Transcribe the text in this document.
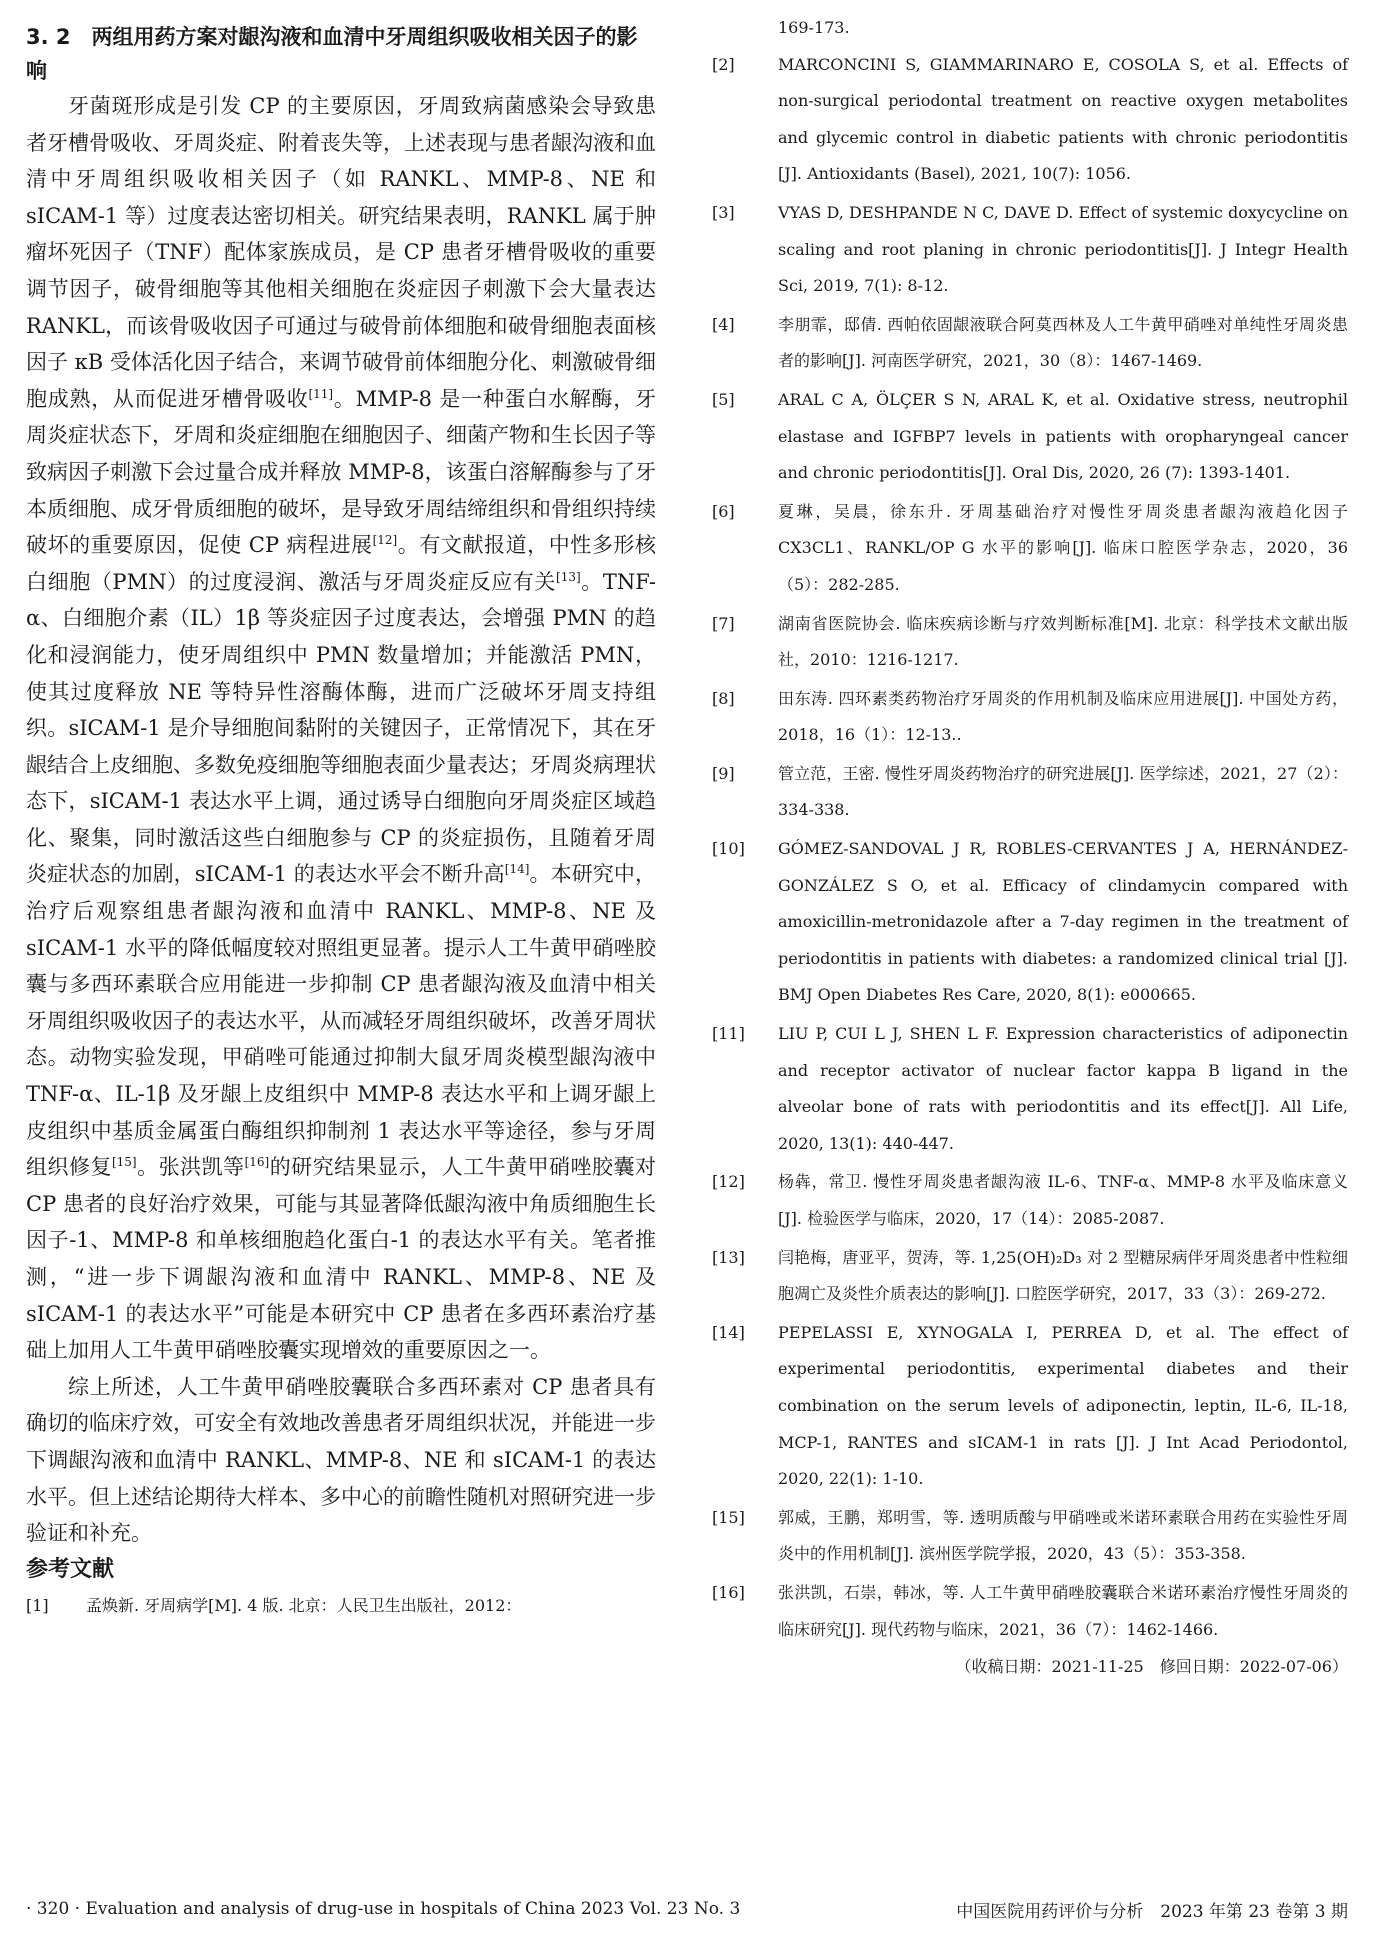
3. 2　两组用药方案对龈沟液和血清中牙周组织吸收相关因子的影响

牙菌斑形成是引发 CP 的主要原因，牙周致病菌感染会导致患者牙槽骨吸收、牙周炎症、附着丧失等，上述表现与患者龈沟液和血清中牙周组织吸收相关因子（如 RANKL、MMP-8、NE 和 sICAM-1 等）过度表达密切相关。研究结果表明，RANKL 属于肿瘤坏死因子（TNF）配体家族成员，是 CP 患者牙槽骨吸收的重要调节因子，破骨细胞等其他相关细胞在炎症因子刺激下会大量表达 RANKL，而该骨吸收因子可通过与破骨前体细胞和破骨细胞表面核因子 κB 受体活化因子结合，来调节破骨前体细胞分化、刺激破骨细胞成熟，从而促进牙槽骨吸收[11]。MMP-8 是一种蛋白水解酶，牙周炎症状态下，牙周和炎症细胞在细胞因子、细菌产物和生长因子等致病因子刺激下会过量合成并释放 MMP-8，该蛋白溶解酶参与了牙本质细胞、成牙骨质细胞的破坏，是导致牙周结缔组织和骨组织持续破坏的重要原因，促使 CP 病程进展[12]。有文献报道，中性多形核白细胞（PMN）的过度浸润、激活与牙周炎症反应有关[13]。TNF-α、白细胞介素（IL）1β 等炎症因子过度表达，会增强 PMN 的趋化和浸润能力，使牙周组织中 PMN 数量增加；并能激活 PMN，使其过度释放 NE 等特异性溶酶体酶，进而广泛破坏牙周支持组织。sICAM-1 是介导细胞间黏附的关键因子，正常情况下，其在牙龈结合上皮细胞、多数免疫细胞等细胞表面少量表达；牙周炎病理状态下，sICAM-1 表达水平上调，通过诱导白细胞向牙周炎症区域趋化、聚集，同时激活这些白细胞参与 CP 的炎症损伤，且随着牙周炎症状态的加剧，sICAM-1 的表达水平会不断升高[14]。本研究中，治疗后观察组患者龈沟液和血清中 RANKL、MMP-8、NE 及 sICAM-1 水平的降低幅度较对照组更显著。提示人工牛黄甲硝唑胶囊与多西环素联合应用能进一步抑制 CP 患者龈沟液及血清中相关牙周组织吸收因子的表达水平，从而减轻牙周组织破坏，改善牙周状态。动物实验发现，甲硝唑可能通过抑制大鼠牙周炎模型龈沟液中 TNF-α、IL-1β 及牙龈上皮组织中 MMP-8 表达水平和上调牙龈上皮组织中基质金属蛋白酶组织抑制剂 1 表达水平等途径，参与牙周组织修复[15]。张洪凯等[16]的研究结果显示，人工牛黄甲硝唑胶囊对 CP 患者的良好治疗效果，可能与其显著降低龈沟液中角质细胞生长因子-1、MMP-8 和单核细胞趋化蛋白-1 的表达水平有关。笔者推测，“进一步下调龈沟液和血清中 RANKL、MMP-8、NE 及 sICAM-1 的表达水平”可能是本研究中 CP 患者在多西环素治疗基础上加用人工牛黄甲硝唑胶囊实现增效的重要原因之一。

综上所述，人工牛黄甲硝唑胶囊联合多西环素对 CP 患者具有确切的临床疗效，可安全有效地改善患者牙周组织状况，并能进一步下调龈沟液和血清中 RANKL、MMP-8、NE 和 sICAM-1 的表达水平。但上述结论期待大样本、多中心的前瞻性随机对照研究进一步验证和补充。

参考文献

[1]	孟焕新. 牙周病学[M]. 4 版. 北京：人民卫生出版社，2012：
169-173.
[2]	MARCONCINI S, GIAMMARINARO E, COSOLA S, et al. Effects of non-surgical periodontal treatment on reactive oxygen metabolites and glycemic control in diabetic patients with chronic periodontitis [J]. Antioxidants (Basel), 2021, 10(7): 1056.
[3]	VYAS D, DESHPANDE N C, DAVE D. Effect of systemic doxycycline on scaling and root planing in chronic periodontitis[J]. J Integr Health Sci, 2019, 7(1): 8-12.
[4]	李朋霏，邸倩. 西帕依固龈液联合阿莫西林及人工牛黄甲硝唑对单纯性牙周炎患者的影响[J]. 河南医学研究，2021，30（8）：1467-1469.
[5]	ARAL C A, ÖLÇER S N, ARAL K, et al. Oxidative stress, neutrophil elastase and IGFBP7 levels in patients with oropharyngeal cancer and chronic periodontitis[J]. Oral Dis, 2020, 26 (7): 1393-1401.
[6]	夏琳，吴晨，徐东升. 牙周基础治疗对慢性牙周炎患者龈沟液趋化因子 CX3CL1、RANKL/OP G 水平的影响[J]. 临床口腔医学杂志，2020，36（5）：282-285.
[7]	湖南省医院协会. 临床疾病诊断与疗效判断标准[M]. 北京：科学技术文献出版社，2010：1216-1217.
[8]	田东涛. 四环素类药物治疗牙周炎的作用机制及临床应用进展[J]. 中国处方药，2018，16（1）：12-13..
[9]	管立范，王密. 慢性牙周炎药物治疗的研究进展[J]. 医学综述，2021，27（2）：334-338.
[10]	GÓMEZ-SANDOVAL J R, ROBLES-CERVANTES J A, HERNÁNDEZ-GONZÁLEZ S O, et al. Efficacy of clindamycin compared with amoxicillin-metronidazole after a 7-day regimen in the treatment of periodontitis in patients with diabetes: a randomized clinical trial [J]. BMJ Open Diabetes Res Care, 2020, 8(1): e000665.
[11]	LIU P, CUI L J, SHEN L F. Expression characteristics of adiponectin and receptor activator of nuclear factor kappa B ligand in the alveolar bone of rats with periodontitis and its effect[J]. All Life, 2020, 13(1): 440-447.
[12]	杨犇，常卫. 慢性牙周炎患者龈沟液 IL-6、TNF-α、MMP-8 水平及临床意义[J]. 检验医学与临床，2020，17（14）：2085-2087.
[13]	闫艳梅，唐亚平，贺涛，等. 1,25(OH)₂D₃ 对 2 型糖尿病伴牙周炎患者中性粒细胞凋亡及炎性介质表达的影响[J]. 口腔医学研究，2017，33（3）：269-272.
[14]	PEPELASSI E, XYNOGALA I, PERREA D, et al. The effect of experimental periodontitis, experimental diabetes and their combination on the serum levels of adiponectin, leptin, IL-6, IL-18, MCP-1, RANTES and sICAM-1 in rats [J]. J Int Acad Periodontol, 2020, 22(1): 1-10.
[15]	郭威，王鹏，郑明雪，等. 透明质酸与甲硝唑或米诺环素联合用药在实验性牙周炎中的作用机制[J]. 滨州医学院学报，2020，43（5）：353-358.
[16]	张洪凯，石崇，韩冰，等. 人工牛黄甲硝唑胶囊联合米诺环素治疗慢性牙周炎的临床研究[J]. 现代药物与临床，2021，36（7）：1462-1466.
（收稿日期：2021-11-25　修回日期：2022-07-06）
· 320 · Evaluation and analysis of drug-use in hospitals of China 2023 Vol. 23 No. 3	中国医院用药评价与分析　2023 年第 23 卷第 3 期
